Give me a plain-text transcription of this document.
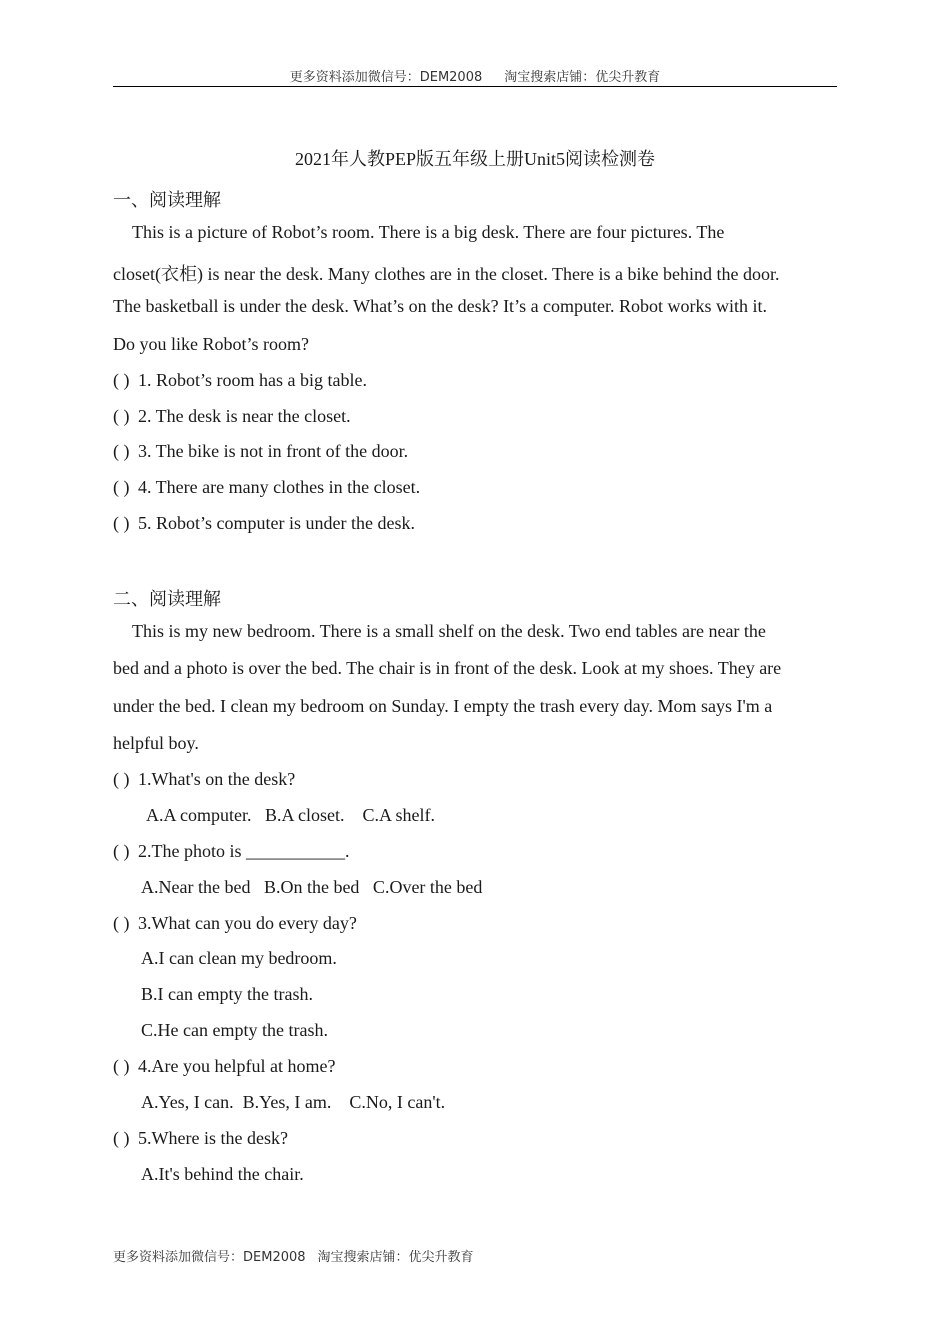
更多资料添加微信号：DEM2008 淘宝搜索店铺：优尖升教育
2021年人教PEP版五年级上册Unit5阅读检测卷
一、阅读理解
This is a picture of Robot’s room. There is a big desk. There are four pictures. The
closet(衣柜) is near the desk. Many clothes are in the closet. There is a bike behind the door.
The basketball is under the desk. What’s on the desk? It’s a computer. Robot works with it.
Do you like Robot’s room?
( ) 1. Robot’s room has a big table.
( ) 2. The desk is near the closet.
( ) 3. The bike is not in front of the door.
( ) 4. There are many clothes in the closet.
( ) 5. Robot’s computer is under the desk.
二、阅读理解
This is my new bedroom. There is a small shelf on the desk. Two end tables are near the
bed and a photo is over the bed. The chair is in front of the desk. Look at my shoes. They are
under the bed. I clean my bedroom on Sunday. I empty the trash every day. Mom says I'm a
helpful boy.
( ) 1.What's on the desk?
A.A computer.   B.A closet.    C.A shelf.
( ) 2.The photo is ___________.
A.Near the bed   B.On the bed   C.Over the bed
( ) 3.What can you do every day?
A.I can clean my bedroom.
B.I can empty the trash.
C.He can empty the trash.
( ) 4.Are you helpful at home?
A.Yes, I can.  B.Yes, I am.    C.No, I can't.
( ) 5.Where is the desk?
A.It's behind the chair.
更多资料添加微信号：DEM2008 淘宝搜索店铺：优尖升教育
